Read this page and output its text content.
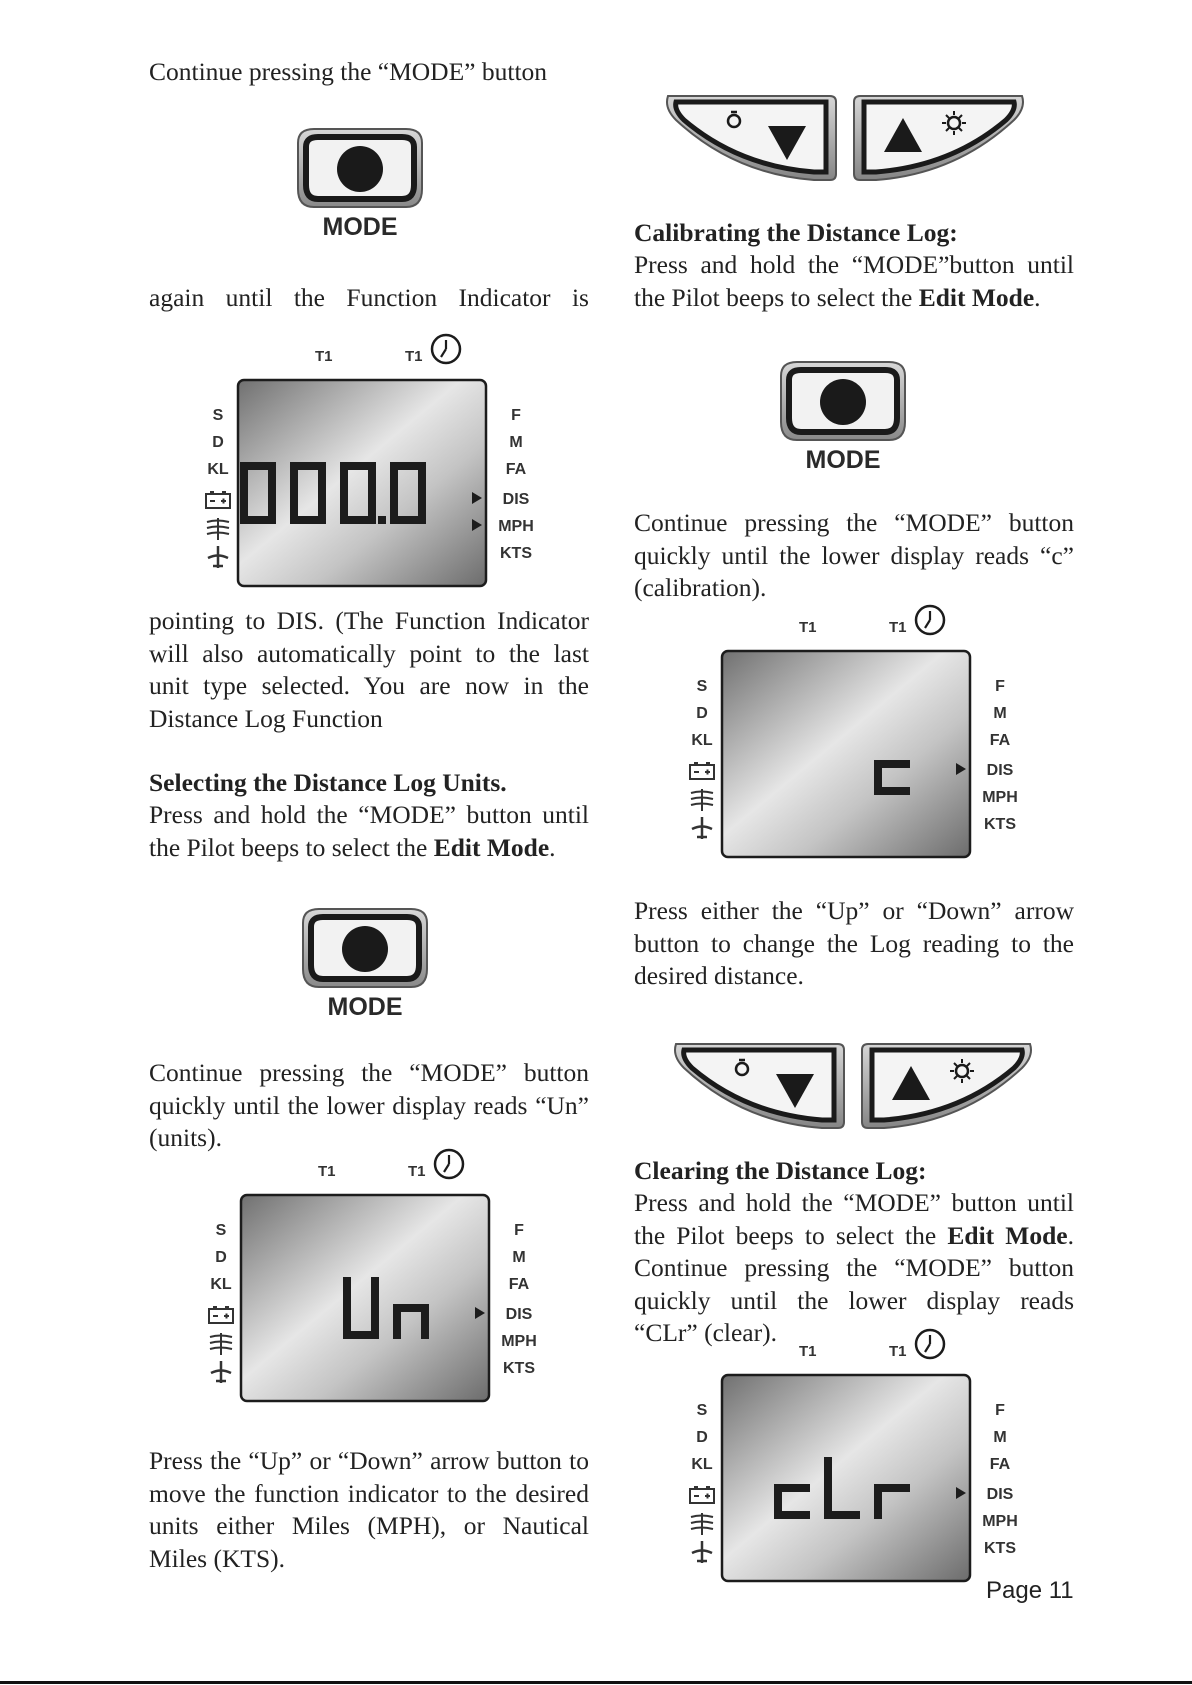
Continue pressing the “MODE” button
again until the Function Indicator is
pointing to DIS. (The Function Indicator will also automatically point to the last unit type selected. You are now in the Distance Log Function
Selecting the Distance Log Units.
Press and hold the “MODE” button until the Pilot beeps to select the Edit Mode.
Continue pressing the “MODE” button quickly until the lower display reads “Un” (units).
Press the “Up” or “Down” arrow button to move the function indicator to the desired units either Miles (MPH), or Nautical Miles (KTS).
Calibrating the Distance Log:
Press and hold the “MODE”button until the Pilot beeps to select the Edit Mode.
Continue pressing the “MODE” button quickly until the lower display reads “c” (calibration).
Press either the “Up” or “Down” arrow button to change the Log reading to the desired distance.
Clearing the Distance Log:
Press and hold the “MODE” button until the Pilot beeps to select the Edit Mode. Continue pressing the “MODE” button quickly until the lower display reads “CLr” (clear).
MODE
MODE
MODE
T1	T1
S
D
KL
F
M
FA
DIS
MPH
KTS
T1	T1
S
D
KL
F
M
FA
DIS
MPH
KTS
T1	T1
S
D
KL
F
M
FA
DIS
MPH
KTS
T1	T1
S
D
KL
F
M
FA
DIS
MPH
KTS
Page 11
